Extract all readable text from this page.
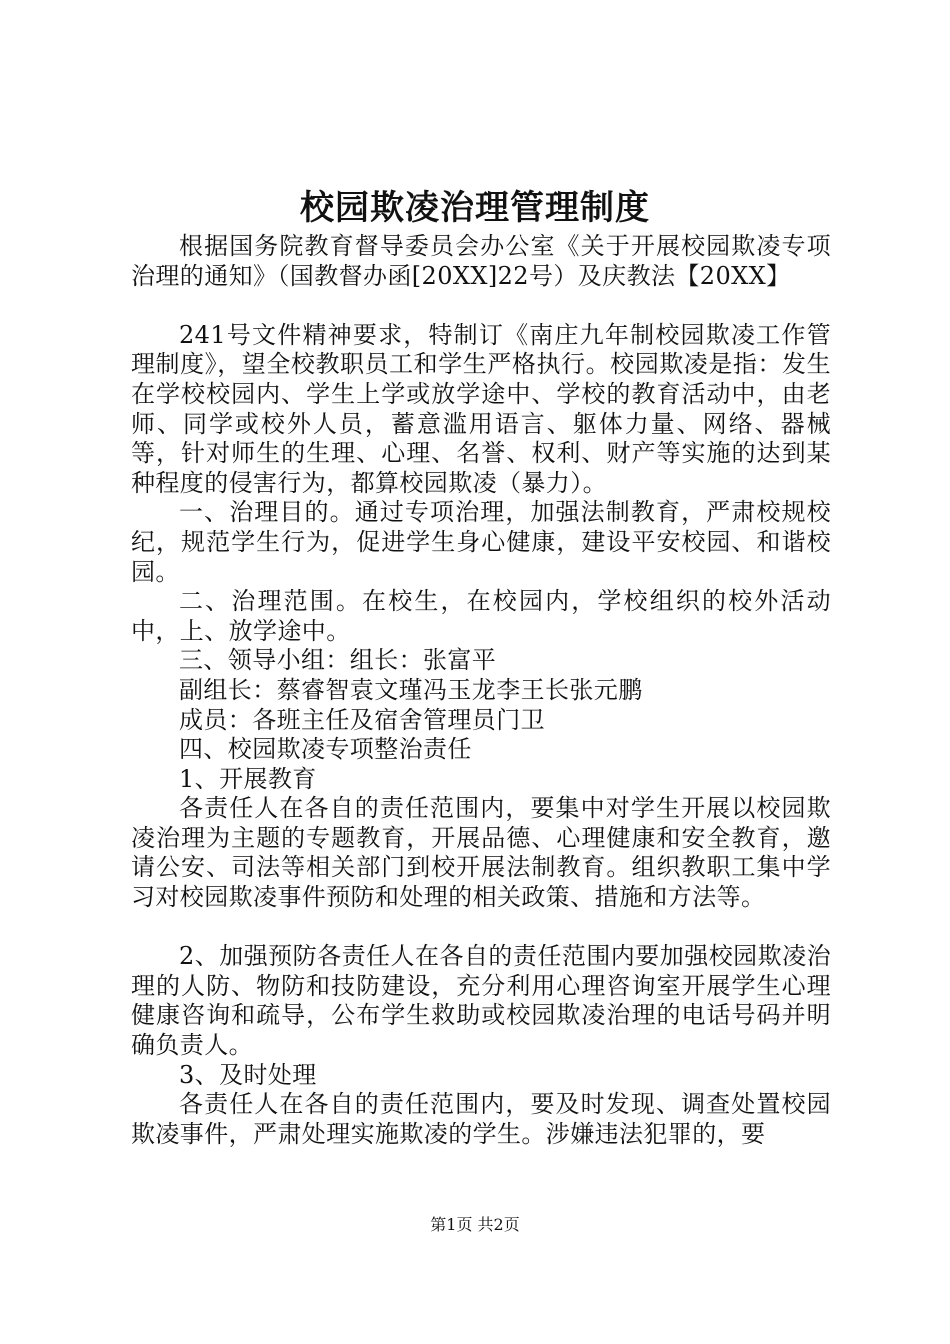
校园欺凌治理管理制度

根据国务院教育督导委员会办公室《关于开展校园欺凌专项治理的通知》（国教督办函[20XX]22号）及庆教法【20XX】

241号文件精神要求，特制订《南庄九年制校园欺凌工作管理制度》，望全校教职员工和学生严格执行。校园欺凌是指：发生在学校校园内、学生上学或放学途中、学校的教育活动中，由老师、同学或校外人员，蓄意滥用语言、躯体力量、网络、器械等，针对师生的生理、心理、名誉、权利、财产等实施的达到某种程度的侵害行为，都算校园欺凌（暴力）。

一、治理目的。通过专项治理，加强法制教育，严肃校规校纪，规范学生行为，促进学生身心健康，建设平安校园、和谐校园。

二、治理范围。在校生，在校园内，学校组织的校外活动中，上、放学途中。

三、领导小组：组长：张富平

副组长：蔡睿智袁文瑾冯玉龙李王长张元鹏

成员：各班主任及宿舍管理员门卫

四、校园欺凌专项整治责任

1、开展教育

各责任人在各自的责任范围内，要集中对学生开展以校园欺凌治理为主题的专题教育，开展品德、心理健康和安全教育，邀请公安、司法等相关部门到校开展法制教育。组织教职工集中学习对校园欺凌事件预防和处理的相关政策、措施和方法等。

2、加强预防各责任人在各自的责任范围内要加强校园欺凌治理的人防、物防和技防建设，充分利用心理咨询室开展学生心理健康咨询和疏导，公布学生救助或校园欺凌治理的电话号码并明确负责人。

3、及时处理

各责任人在各自的责任范围内，要及时发现、调查处置校园欺凌事件，严肃处理实施欺凌的学生。涉嫌违法犯罪的，要

第1页 共2页
